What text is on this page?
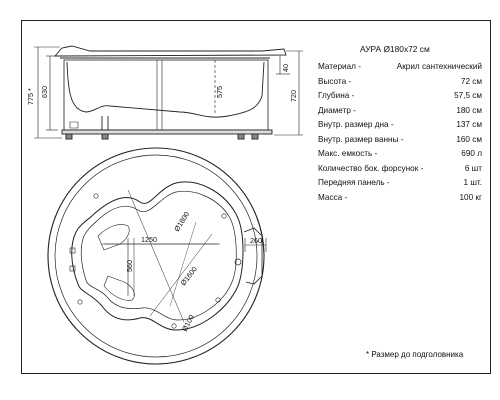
775 * 630	575
40
720
Ø1800
Ø1600
1250
560
260
Ø100
АУРА Ø180x72 см
Материал -	Акрил сантехнический
Высота -	72 см
Глубина -	57,5 см
Диаметр -	180 см
Внутр. размер дна -	137 см
Внутр. размер ванны -	160 см
Макс. емкость -	690 л
Количество бок. форсунок -	6 шт
Передняя панель -	1 шт.
Масса -	100 кг
* Размер до подголовника
